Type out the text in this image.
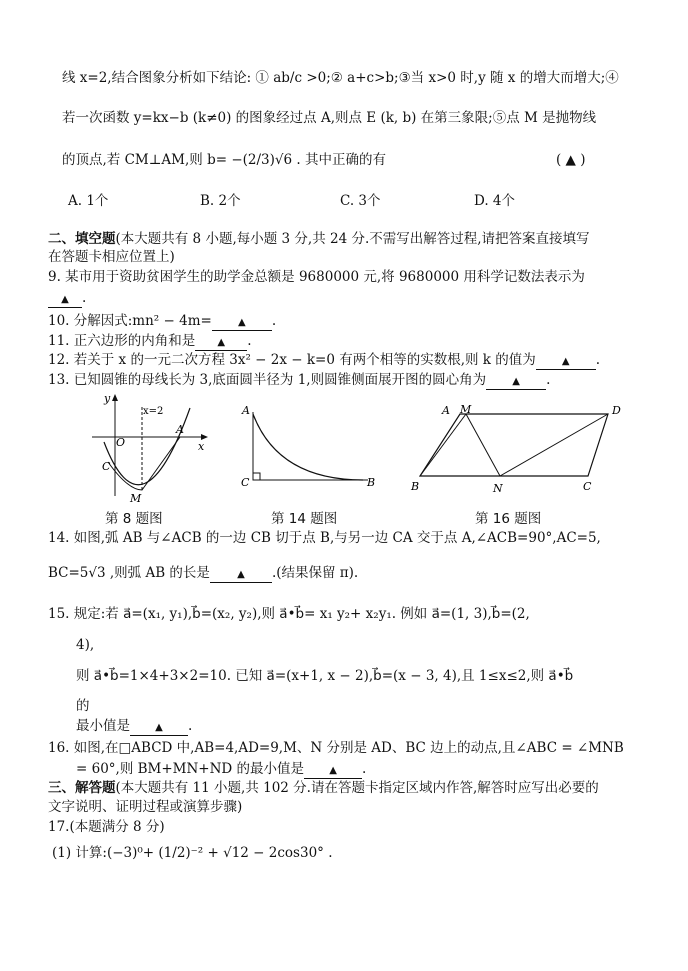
线 x=2,结合图象分析如下结论: ① ab/c >0;② a+c>b;③当 x>0 时,y 随 x 的增大而增大;④
若一次函数 y=kx−b (k≠0) 的图象经过点 A,则点 E (k, b) 在第三象限;⑤点 M 是抛物线
的顶点,若 CM⊥AM,则 b= −(2/3)√6 . 其中正确的有	( ▲ )
A. 1个	B. 2个	C. 3个	D. 4个
二、填空题(本大题共有 8 小题,每小题 3 分,共 24 分.不需写出解答过程,请把答案直接填写
在答题卡相应位置上)
9. 某市用于资助贫困学生的助学金总额是 9680000 元,将 9680000 用科学记数法表示为
▲ .
10. 分解因式:mn² − 4m=	▲ .
11. 正六边形的内角和是 ▲ .
12. 若关于 x 的一元二次方程 3x² − 2x − k=0 有两个相等的实数根,则 k 的值为	▲ .
13. 已知圆锥的母线长为 3,底面圆半径为 1,则圆锥侧面展开图的圆心角为	▲ .
y
x
O
A
C
M
x=2
第 8 题图
A
C	B
第 14 题图
A M	D
B	N	C
第 16 题图
14. 如图,弧 AB 与∠ACB 的一边 CB 切于点 B,与另一边 CA 交于点 A,∠ACB=90°,AC=5,
BC=5√3 ,则弧 AB 的长是	▲ .(结果保留 π).
15. 规定:若 a⃗=(x₁, y₁),b⃗=(x₂, y₂),则 a⃗•b⃗= x₁ y₂+ x₂y₁. 例如 a⃗=(1, 3),b⃗=(2,
4),
则 a⃗•b⃗=1×4+3×2=10. 已知 a⃗=(x+1, x − 2),b⃗=(x − 3, 4),且 1≤x≤2,则 a⃗•b⃗
的
最小值是	▲ .
16. 如图,在□ABCD 中,AB=4,AD=9,M、N 分别是 AD、BC 边上的动点,且∠ABC = ∠MNB
= 60°,则 BM+MN+ND 的最小值是	▲ .
三、解答题(本大题共有 11 小题,共 102 分.请在答题卡指定区域内作答,解答时应写出必要的
文字说明、证明过程或演算步骤)
17.(本题满分 8 分)
(1) 计算:(−3)⁰+ (1/2)⁻² + √12 − 2cos30° .
